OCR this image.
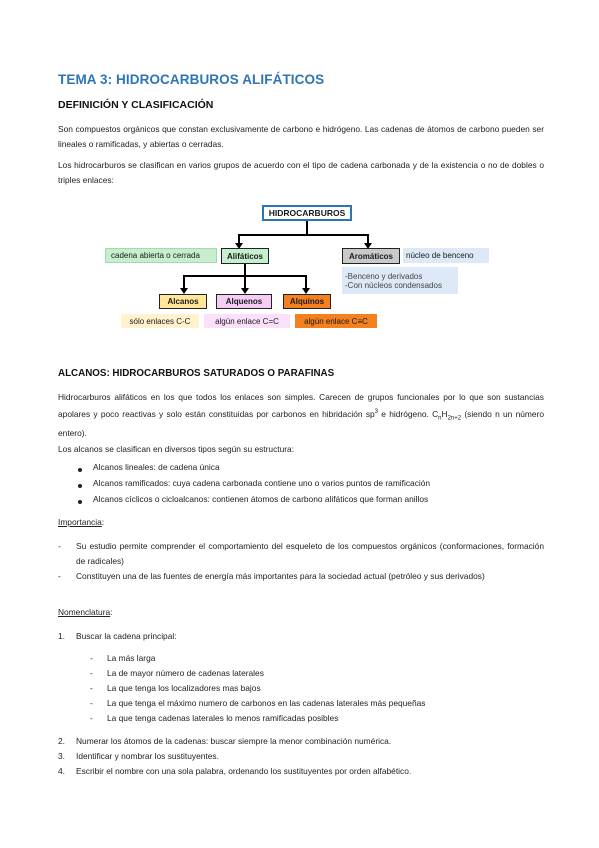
TEMA 3: HIDROCARBUROS ALIFÁTICOS
DEFINICIÓN Y CLASIFICACIÓN
Son compuestos orgánicos que constan exclusivamente de carbono e hidrógeno. Las cadenas de átomos de carbono pueden ser lineales o ramificadas, y abiertas o cerradas.
Los hidrocarburos se clasifican en varios grupos de acuerdo con el tipo de cadena carbonada y de la existencia o no de dobles o triples enlaces:
HIDROCARBUROS
cadena abierta o cerrada	Alifáticos	Aromáticos	núcleo de benceno
-Benceno y derivados
-Con núcleos condensados
Alcanos	Alquenos	Alquinos
sólo enlaces C-C	algún enlace C=C	algún enlace C≡C
ALCANOS: HIDROCARBUROS SATURADOS O PARAFINAS
Hidrocarburos alifáticos en los que todos los enlaces son simples. Carecen de grupos funcionales por lo que son sustancias apolares y poco reactivas y solo están constituidas por carbonos en hibridación $sp^3$ e hidrógeno. $C_nH_{2n+2}$ (siendo n un número entero).
Los alcanos se clasifican en diversos tipos según su estructura:
Alcanos lineales: de cadena única
Alcanos ramificados: cuya cadena carbonada contiene uno o varios puntos de ramificación
Alcanos cíclicos o cicloalcanos: contienen átomos de carbono alifáticos que forman anillos
Importancia:
- Su estudio permite comprender el comportamiento del esqueleto de los compuestos orgánicos (conformaciones, formación de radicales)
- Constituyen una de las fuentes de energía más importantes para la sociedad actual (petróleo y sus derivados)
Nomenclatura:
1. Buscar la cadena principal:
- La más larga
- La de mayor número de cadenas laterales
- La que tenga los localizadores mas bajos
- La que tenga el máximo numero de carbonos en las cadenas laterales más pequeñas
- La que tenga cadenas laterales lo menos ramificadas posibles
2. Numerar los átomos de la cadenas: buscar siempre la menor combinación numérica.
3. Identificar y nombrar los sustituyentes.
4. Escribir el nombre con una sola palabra, ordenando los sustituyentes por orden alfabético.
